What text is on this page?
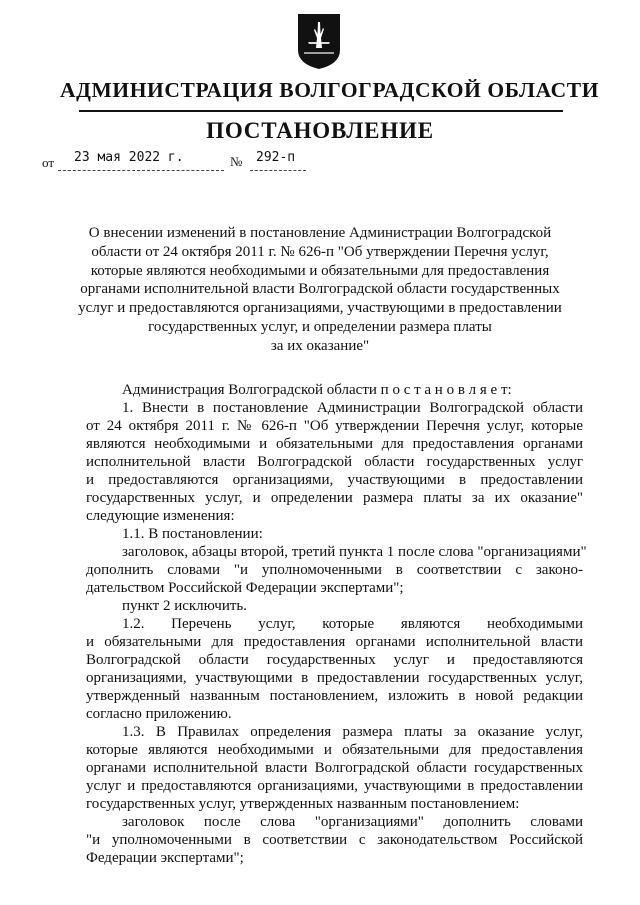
АДМИНИСТРАЦИЯ ВОЛГОГРАДСКОЙ ОБЛАСТИ
ПОСТАНОВЛЕНИЕ
от	23 мая 2022 г.	№	292-п
О внесении изменений в постановление Администрации Волгоградской
области от 24 октября 2011 г. № 626-п "Об утверждении Перечня услуг,
которые являются необходимыми и обязательными для предоставления
органами исполнительной власти Волгоградской области государственных
услуг и предоставляются организациями, участвующими в предоставлении
государственных услуг, и определении размера платы
за их оказание"
Администрация Волгоградской области п о с т а н о в л я е т:
1. Внести в постановление Администрации Волгоградской области
от 24 октября 2011 г. № 626-п "Об утверждении Перечня услуг, которые
являются необходимыми и обязательными для предоставления органами
исполнительной власти Волгоградской области государственных услуг
и предоставляются организациями, участвующими в предоставлении
государственных услуг, и определении размера платы за их оказание"
следующие изменения:
1.1. В постановлении:
заголовок, абзацы второй, третий пункта 1 после слова "организациями"
дополнить словами "и уполномоченными в соответствии с законо-
дательством Российской Федерации экспертами";
пункт 2 исключить.
1.2. Перечень услуг, которые являются необходимыми
и обязательными для предоставления органами исполнительной власти
Волгоградской области государственных услуг и предоставляются
организациями, участвующими в предоставлении государственных услуг,
утвержденный названным постановлением, изложить в новой редакции
согласно приложению.
1.3. В Правилах определения размера платы за оказание услуг,
которые являются необходимыми и обязательными для предоставления
органами исполнительной власти Волгоградской области государственных
услуг и предоставляются организациями, участвующими в предоставлении
государственных услуг, утвержденных названным постановлением:
заголовок после слова "организациями" дополнить словами
"и уполномоченными в соответствии с законодательством Российской
Федерации экспертами";
